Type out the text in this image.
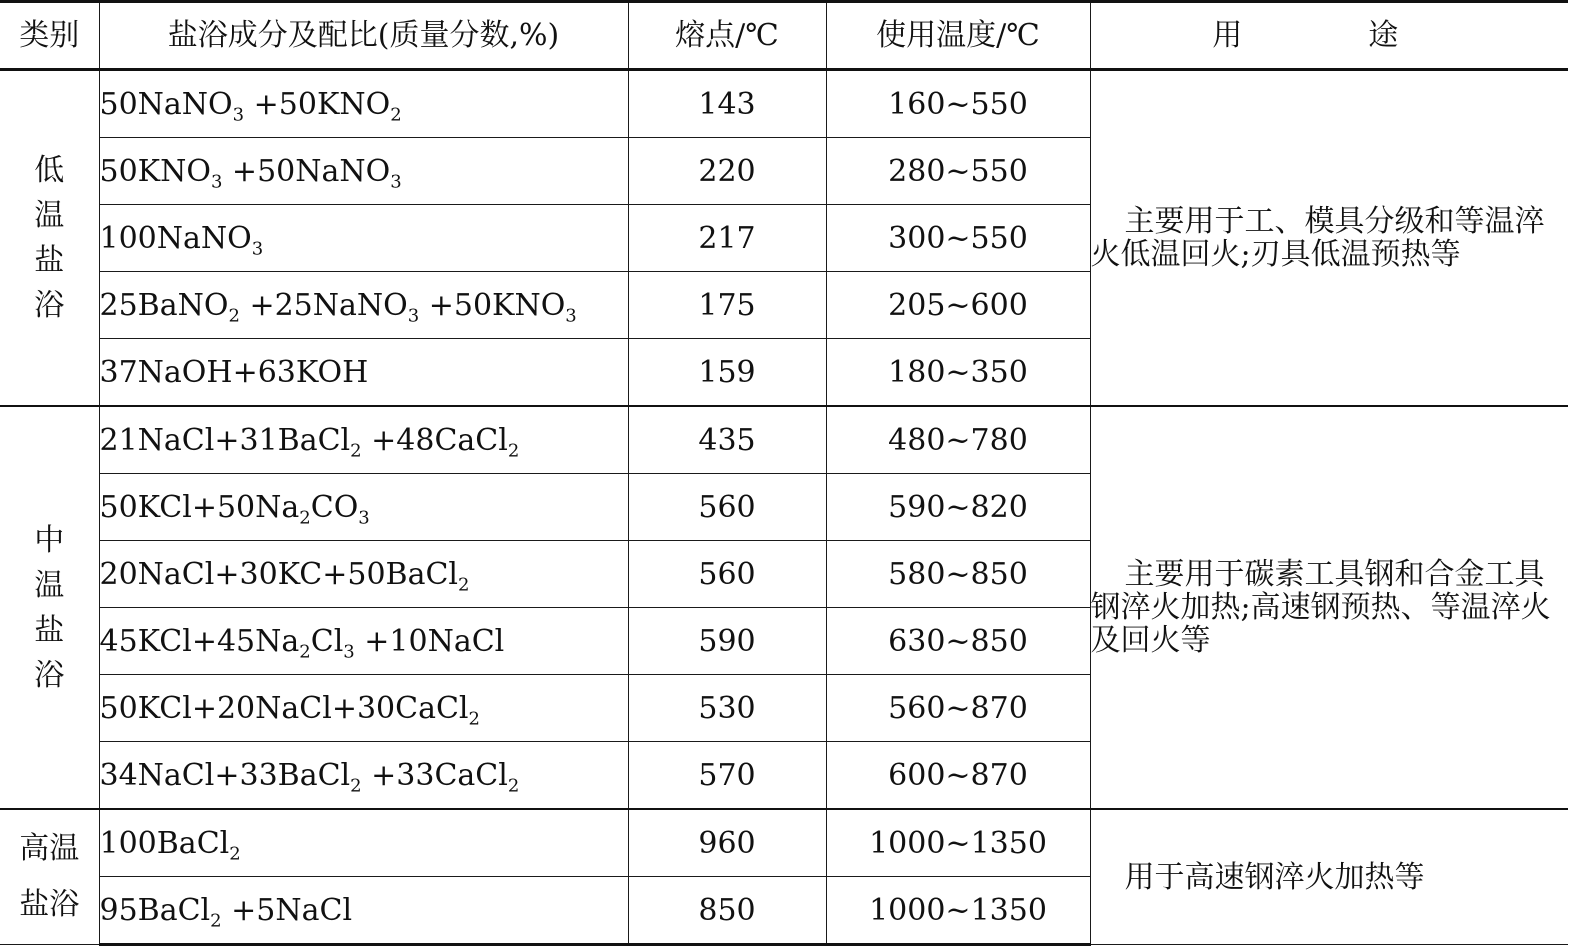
类别	盐浴成分及配比(质量分数,%)	熔点/℃	使用温度/℃	用　途
低温盐浴	50NaNO$_3$ $+50KNO_2$	143	160~550	主要用于工、模具分级和等温淬火低温回火;刃具低温预热等

	$50KNO_3$ +50NaNO$_3$	220	280~550	
	100NaNO$_3$	217	300~550	
	25BaNO$_2$ +25NaNO$_3$ $+50KNO_3$	175	205~600	
	37NaOH+63KOH	159	180~350	
中温盐浴	21NaCl+31BaCl$_2$ +48CaCl$_2$	435	480~780	主要用于碳素工具钢和合金工具钢淬火加热;高速钢预热、等温淬火及回火等

	$50KCl+50Na_2CO_3$	560	590~820	
	20NaCl+30KC+50BaCl$_2$	560	580~850	
	$45KCl+45Na_2Cl_3$ +10NaCl	590	630~850	
	50KCl+20NaCl+30CaCl$_2$	530	560~870	
	34NaCl+33BaCl$_2$ +33CaCl$_2$	570	600~870	
高温盐浴	100BaCl$_2$	960	1000~1350	用于高速钢淬火加热等

	95BaCl$_2$ +5NaCl	850	1000~1350	
